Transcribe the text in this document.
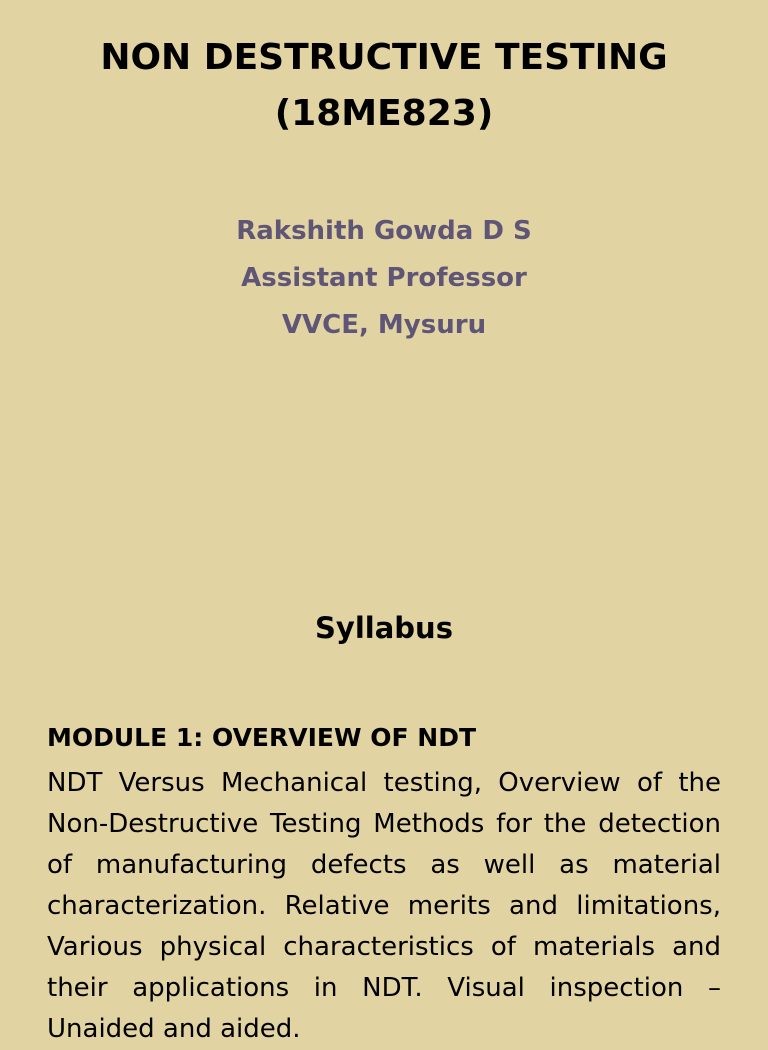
NON DESTRUCTIVE TESTING
(18ME823)
Rakshith Gowda D S
Assistant Professor
VVCE, Mysuru
Syllabus
MODULE 1: OVERVIEW OF NDT
NDT Versus Mechanical testing, Overview of the Non-Destructive Testing Methods for the detection of manufacturing defects as well as material characterization. Relative merits and limitations, Various physical characteristics of materials and their applications in NDT. Visual inspection – Unaided and aided.
